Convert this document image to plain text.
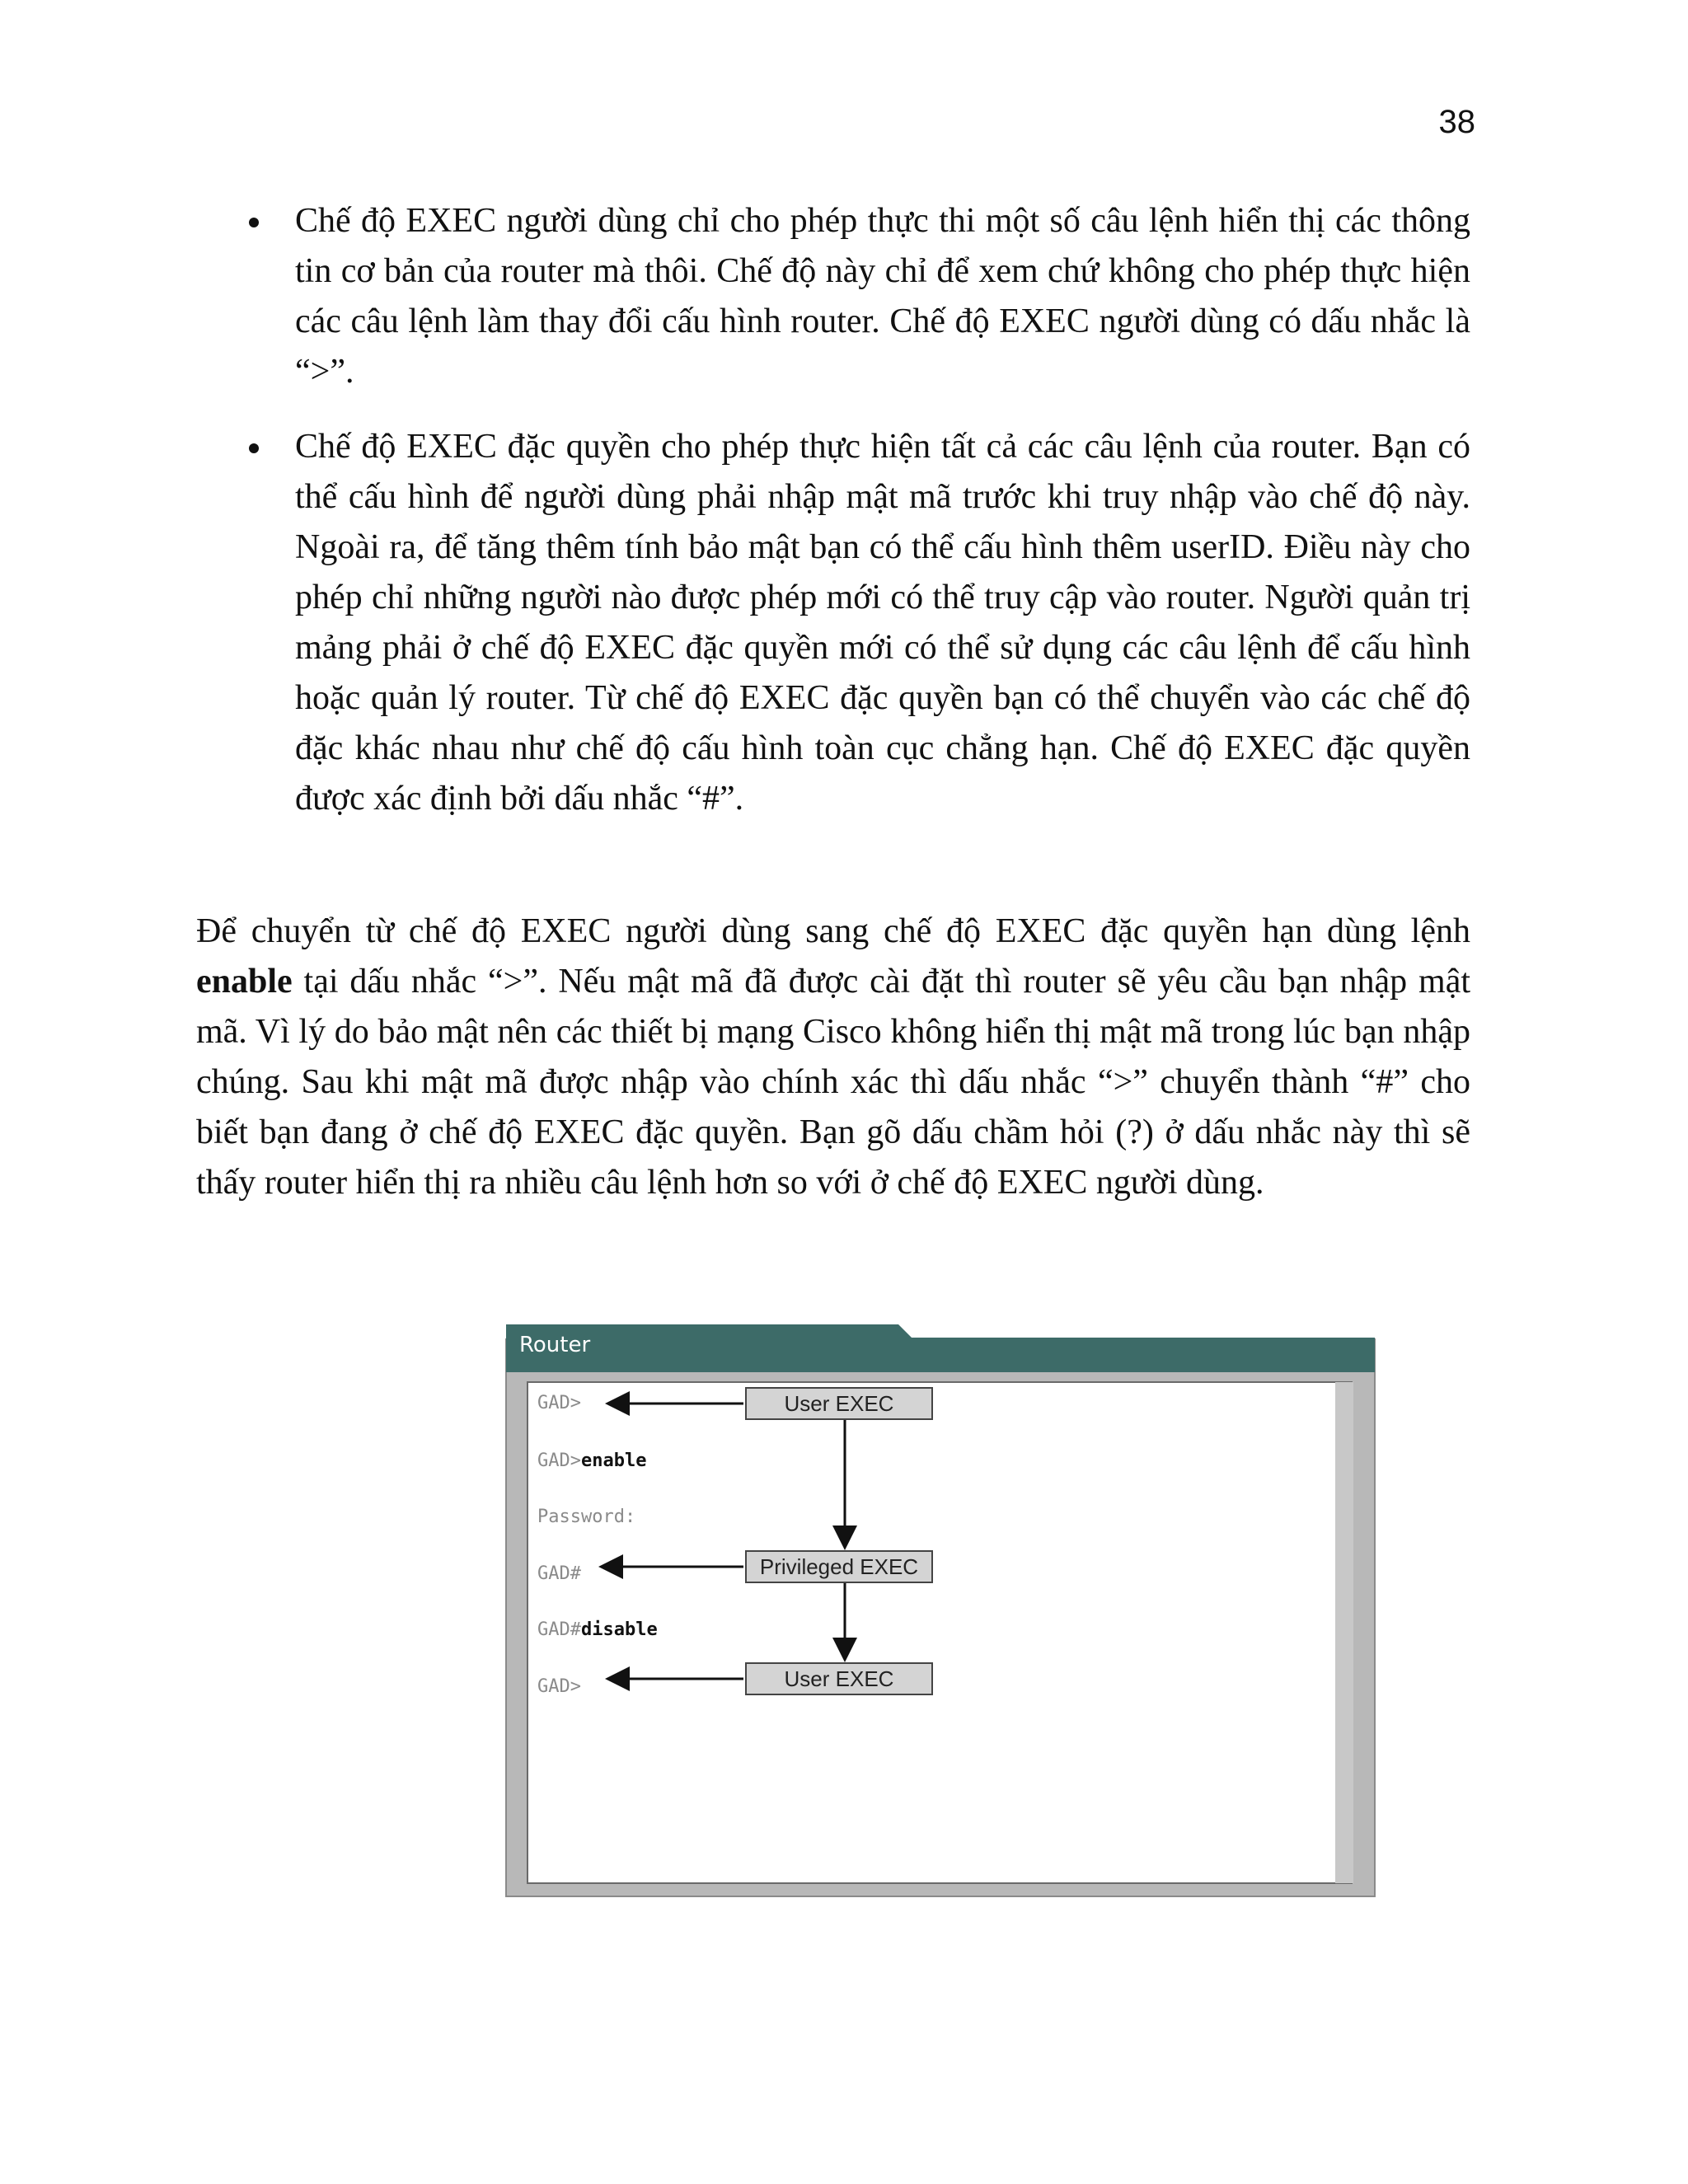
38
Chế độ EXEC người dùng chỉ cho phép thực thi một số câu lệnh hiển thị các thông tin cơ bản của router mà thôi. Chế độ này chỉ để xem chứ không cho phép thực hiện các câu lệnh làm thay đổi cấu hình router. Chế độ EXEC người dùng có dấu nhắc là “>”.
Chế độ EXEC đặc quyền cho phép thực hiện tất cả các câu lệnh của router. Bạn có thể cấu hình để người dùng phải nhập mật mã trước khi truy nhập vào chế độ này. Ngoài ra, để tăng thêm tính bảo mật bạn có thể cấu hình thêm userID. Điều này cho phép chỉ những người nào được phép mới có thể truy cập vào router. Người quản trị mảng phải ở chế độ EXEC đặc quyền mới có thể sử dụng các câu lệnh để cấu hình hoặc quản lý router. Từ chế độ EXEC đặc quyền bạn có thể chuyển vào các chế độ đặc khác nhau như chế độ cấu hình toàn cục chẳng hạn. Chế độ EXEC đặc quyền được xác định bởi dấu nhắc “#”.
Để chuyển từ chế độ EXEC người dùng sang chế độ EXEC đặc quyền hạn dùng lệnh enable tại dấu nhắc “>”. Nếu mật mã đã được cài đặt thì router sẽ yêu cầu bạn nhập mật mã. Vì lý do bảo mật nên các thiết bị mạng Cisco không hiển thị mật mã trong lúc bạn nhập chúng. Sau khi mật mã được nhập vào chính xác thì dấu nhắc “>” chuyển thành “#” cho biết bạn đang ở chế độ EXEC đặc quyền. Bạn gõ dấu chầm hỏi (?) ở dấu nhắc này thì sẽ thấy router hiển thị ra nhiều câu lệnh hơn so với ở chế độ EXEC người dùng.
Router
GAD>
GAD>enable
Password:
GAD#
GAD#disable
GAD>
User EXEC
Privileged EXEC
User EXEC
